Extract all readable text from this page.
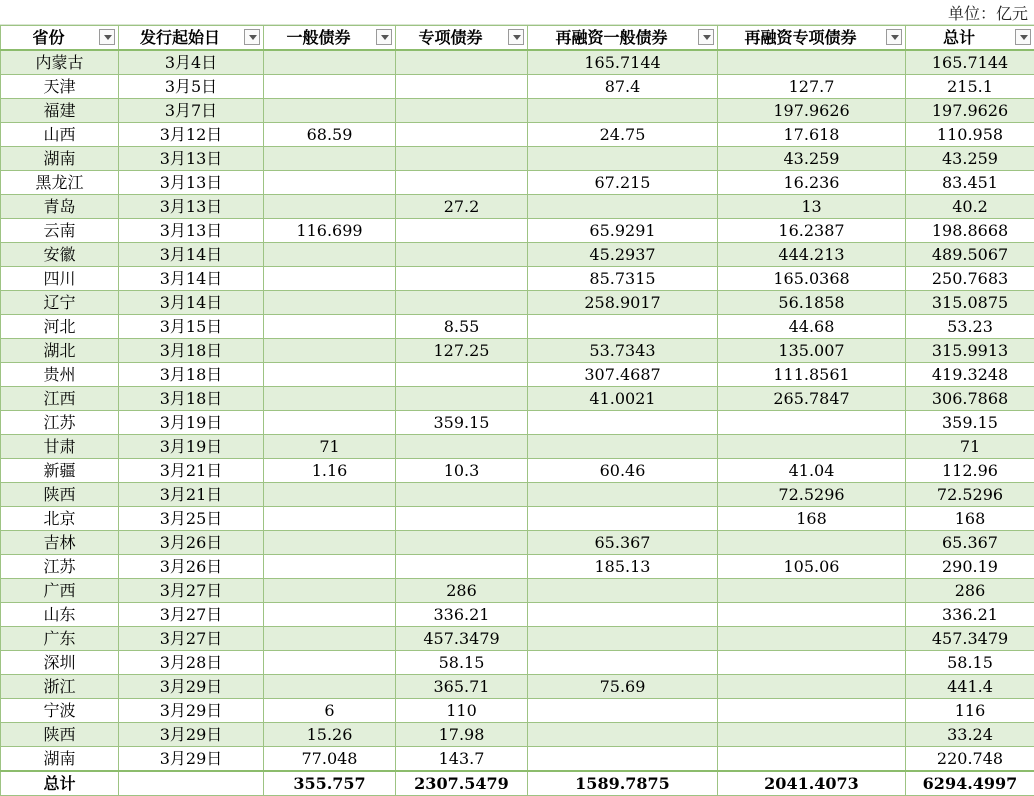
单位：亿元
省份	发行起始日	一般债券	专项债券	再融资一般债券	再融资专项债券	总计

内蒙古	3月4日			165.7144		165.7144
天津	3月5日			87.4	127.7	215.1
福建	3月7日				197.9626	197.9626
山西	3月12日	68.59		24.75	17.618	110.958
湖南	3月13日				43.259	43.259
黑龙江	3月13日			67.215	16.236	83.451
青岛	3月13日		27.2		13	40.2
云南	3月13日	116.699		65.9291	16.2387	198.8668
安徽	3月14日			45.2937	444.213	489.5067
四川	3月14日			85.7315	165.0368	250.7683
辽宁	3月14日			258.9017	56.1858	315.0875
河北	3月15日		8.55		44.68	53.23
湖北	3月18日		127.25	53.7343	135.007	315.9913
贵州	3月18日			307.4687	111.8561	419.3248
江西	3月18日			41.0021	265.7847	306.7868
江苏	3月19日		359.15			359.15
甘肃	3月19日	71				71
新疆	3月21日	1.16	10.3	60.46	41.04	112.96
陕西	3月21日				72.5296	72.5296
北京	3月25日				168	168
吉林	3月26日			65.367		65.367
江苏	3月26日			185.13	105.06	290.19
广西	3月27日		286			286
山东	3月27日		336.21			336.21
广东	3月27日		457.3479			457.3479
深圳	3月28日		58.15			58.15
浙江	3月29日		365.71	75.69		441.4
宁波	3月29日	6	110			116
陕西	3月29日	15.26	17.98			33.24
湖南	3月29日	77.048	143.7			220.748
总计		355.757	2307.5479	1589.7875	2041.4073	6294.4997
